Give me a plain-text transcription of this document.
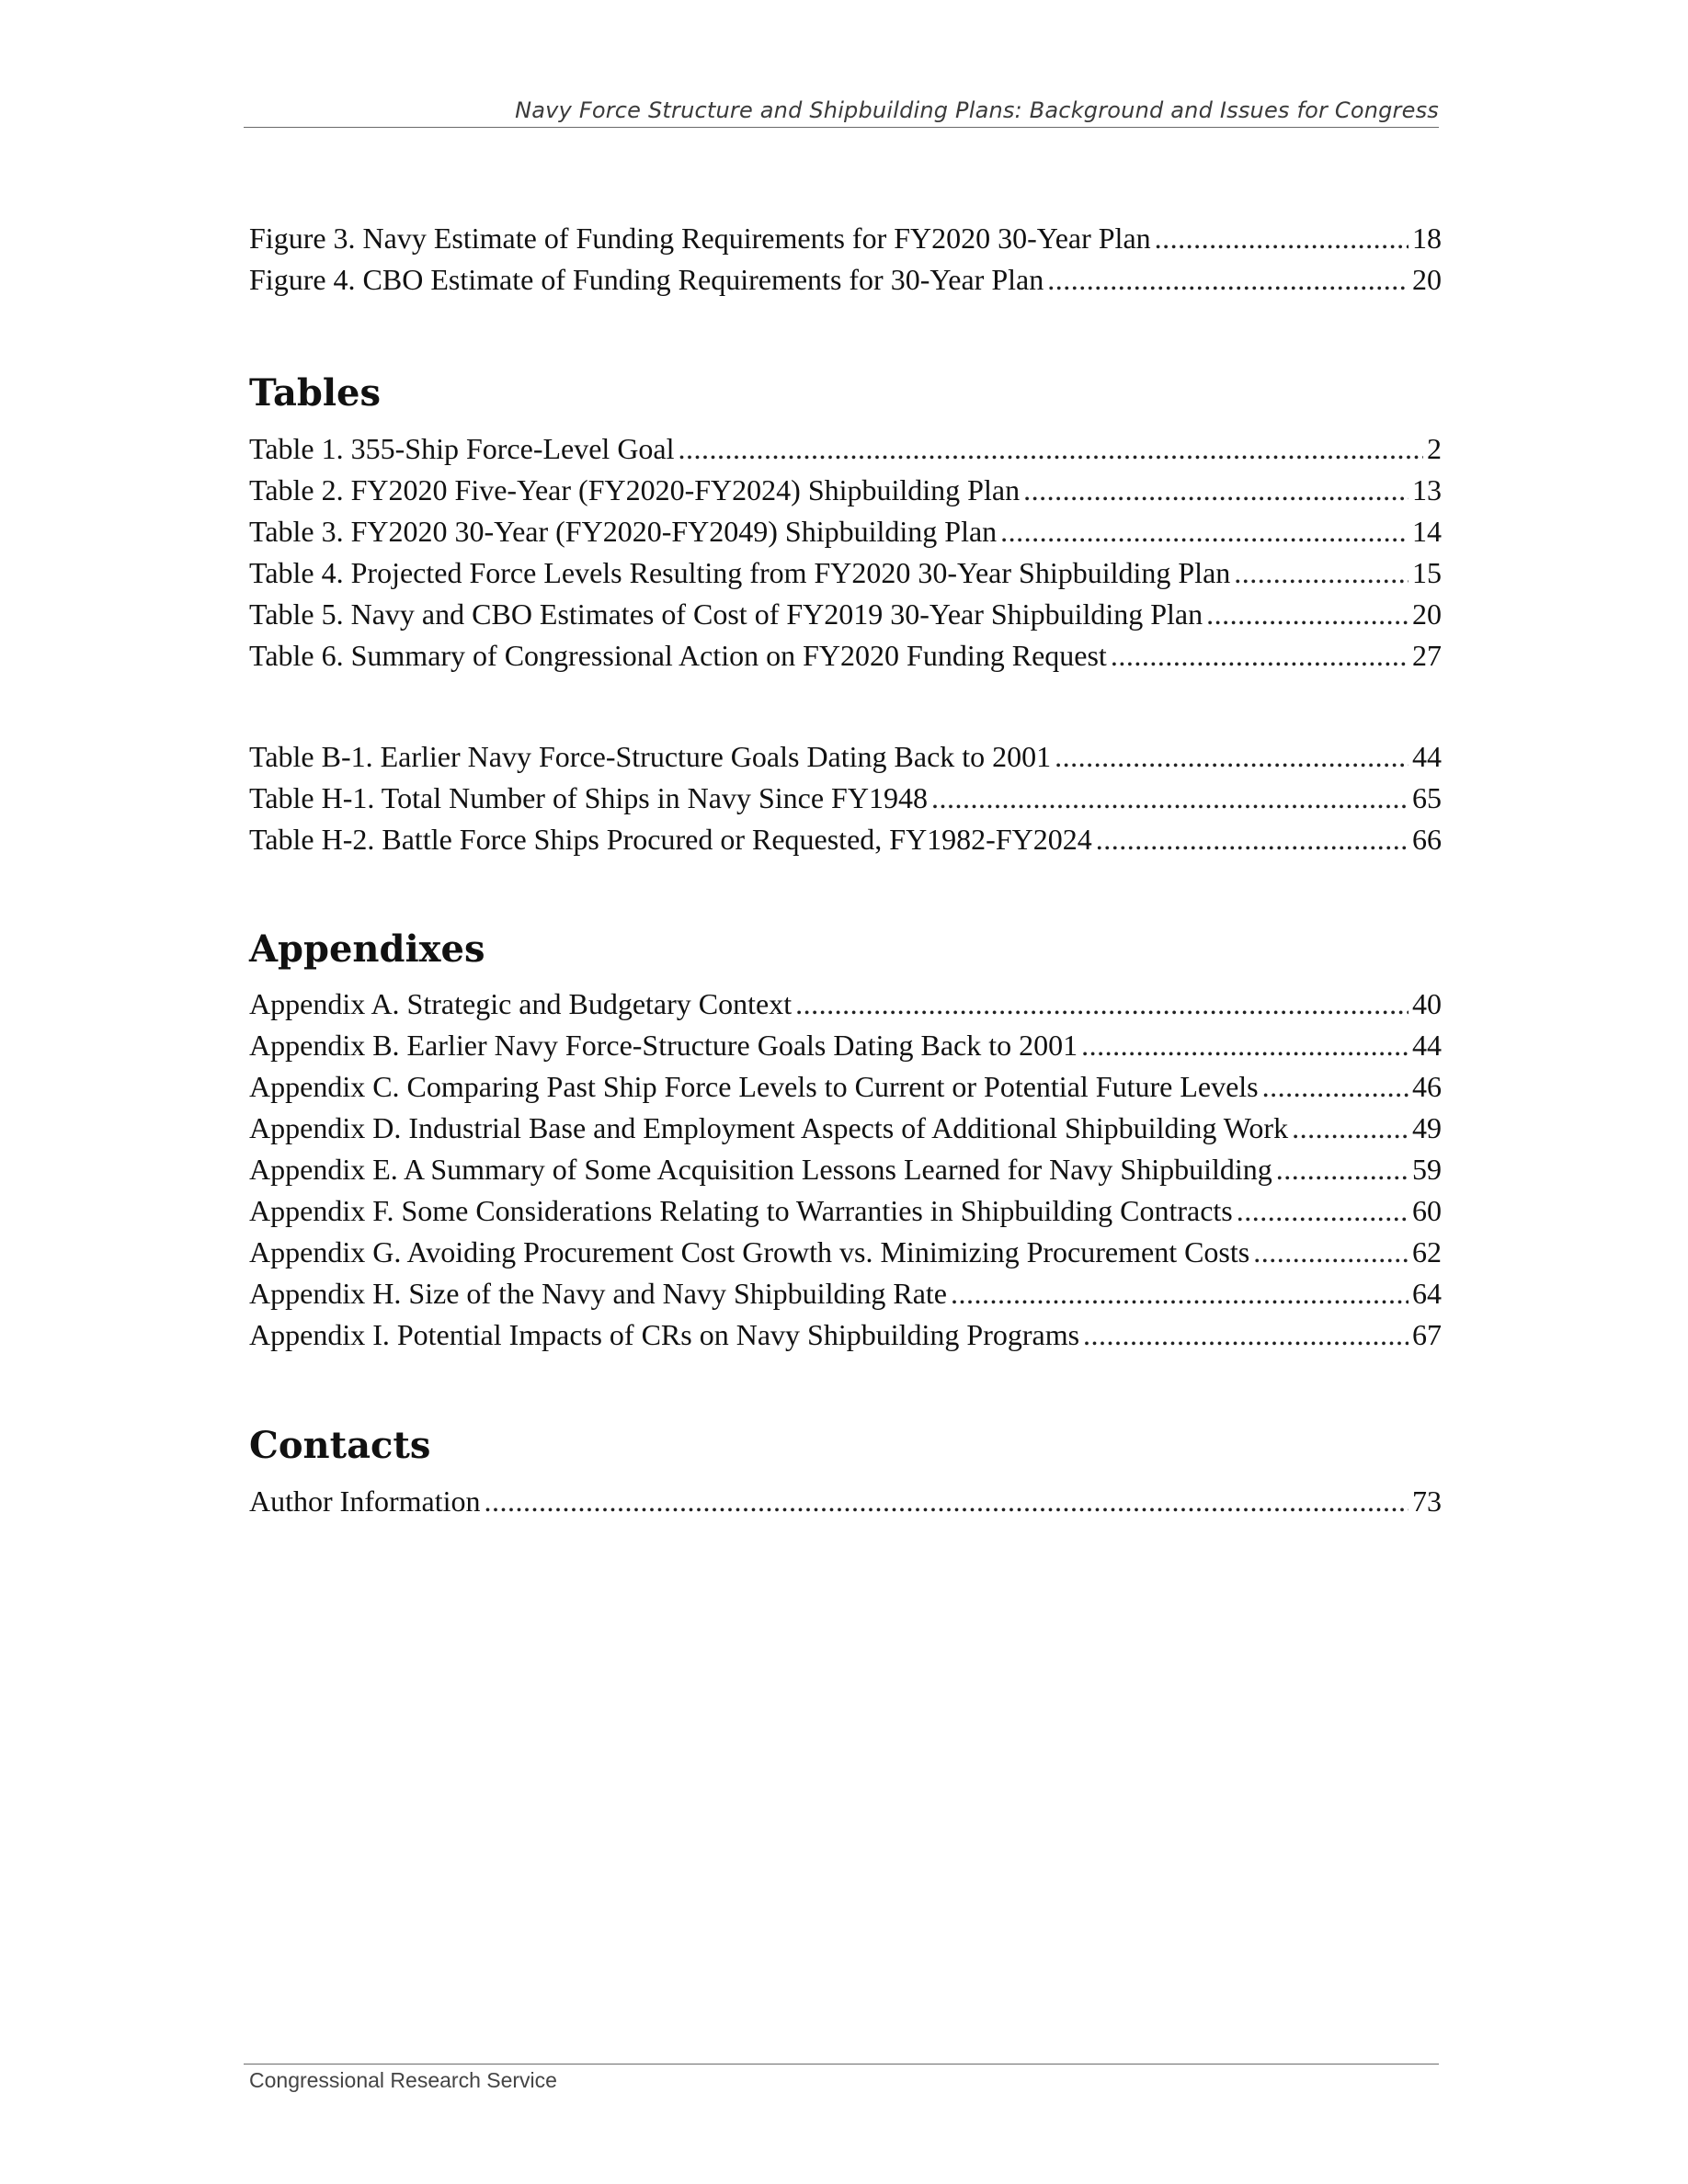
Navy Force Structure and Shipbuilding Plans: Background and Issues for Congress
Figure 3. Navy Estimate of Funding Requirements for FY2020 30-Year Plan .....	18
Figure 4. CBO Estimate of Funding Requirements for 30-Year Plan .....	20
Tables
Table 1. 355-Ship Force-Level Goal .....	2
Table 2. FY2020 Five-Year (FY2020-FY2024) Shipbuilding Plan .....	13
Table 3. FY2020 30-Year (FY2020-FY2049) Shipbuilding Plan .....	14
Table 4. Projected Force Levels Resulting from FY2020 30-Year Shipbuilding Plan .....	15
Table 5. Navy and CBO Estimates of Cost of FY2019 30-Year Shipbuilding Plan .....	20
Table 6. Summary of Congressional Action on FY2020 Funding Request .....	27
Table B-1. Earlier Navy Force-Structure Goals Dating Back to 2001 .....	44
Table H-1. Total Number of Ships in Navy Since FY1948 .....	65
Table H-2. Battle Force Ships Procured or Requested, FY1982-FY2024 .....	66
Appendixes
Appendix A. Strategic and Budgetary Context .....	40
Appendix B. Earlier Navy Force-Structure Goals Dating Back to 2001 .....	44
Appendix C. Comparing Past Ship Force Levels to Current or Potential Future Levels .....	46
Appendix D. Industrial Base and Employment Aspects of Additional Shipbuilding Work .....	49
Appendix E. A Summary of Some Acquisition Lessons Learned for Navy Shipbuilding .....	59
Appendix F. Some Considerations Relating to Warranties in Shipbuilding Contracts .....	60
Appendix G. Avoiding Procurement Cost Growth vs. Minimizing Procurement Costs .....	62
Appendix H. Size of the Navy and Navy Shipbuilding Rate .....	64
Appendix I. Potential Impacts of CRs on Navy Shipbuilding Programs .....	67
Contacts
Author Information .....	73
Congressional Research Service
